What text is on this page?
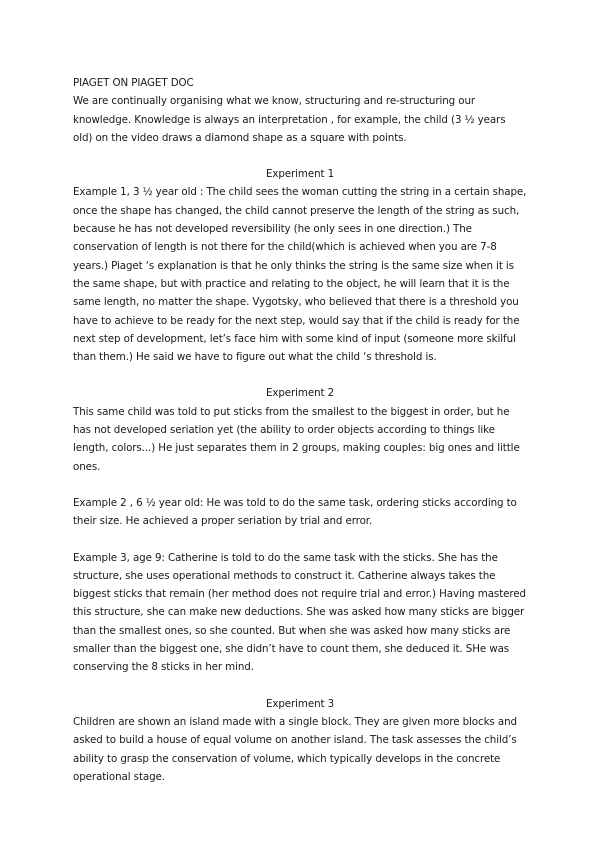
PIAGET ON PIAGET DOC

We are continually organising what we know, structuring and re-structuring our knowledge. Knowledge is always an interpretation , for example, the child (3 ½ years old) on the video draws a diamond shape as a square with points.

Experiment 1

Example 1, 3 ½ year old : The child sees the woman cutting the string in a certain shape, once the shape has changed, the child cannot preserve the length of the string as such, because he has not developed reversibility (he only sees in one direction.) The conservation of length is not there for the child(which is achieved when you are 7-8 years.) Piaget ‘s explanation is that he only thinks the string is the same size when it is the same shape, but with practice and relating to the object, he will learn that it is the same length, no matter the shape. Vygotsky, who believed that there is a threshold you have to achieve to be ready for the next step, would say that if the child is ready for the next step of development, let’s face him with some kind of input (someone more skilful than them.) He said we have to figure out what the child ‘s threshold is.

Experiment 2

This same child was told to put sticks from the smallest to the biggest in order, but he has not developed seriation yet (the ability to order objects according to things like length, colors...) He just separates them in 2 groups, making couples: big ones and little ones.

Example 2 , 6 ½ year old: He was told to do the same task, ordering sticks according to their size. He achieved a proper seriation by trial and error.

Example 3, age 9: Catherine is told to do the same task with the sticks. She has the structure, she uses operational methods to construct it. Catherine always takes the biggest sticks that remain (her method does not require trial and error.) Having mastered this structure, she can make new deductions. She was asked how many sticks are bigger than the smallest ones, so she counted. But when she was asked how many sticks are smaller than the biggest one, she didn’t have to count them, she deduced it. SHe was conserving the 8 sticks in her mind.

Experiment 3

Children are shown an island made with a single block. They are given more blocks and asked to build a house of equal volume on another island. The task assesses the child’s ability to grasp the conservation of volume, which typically develops in the concrete operational stage.
